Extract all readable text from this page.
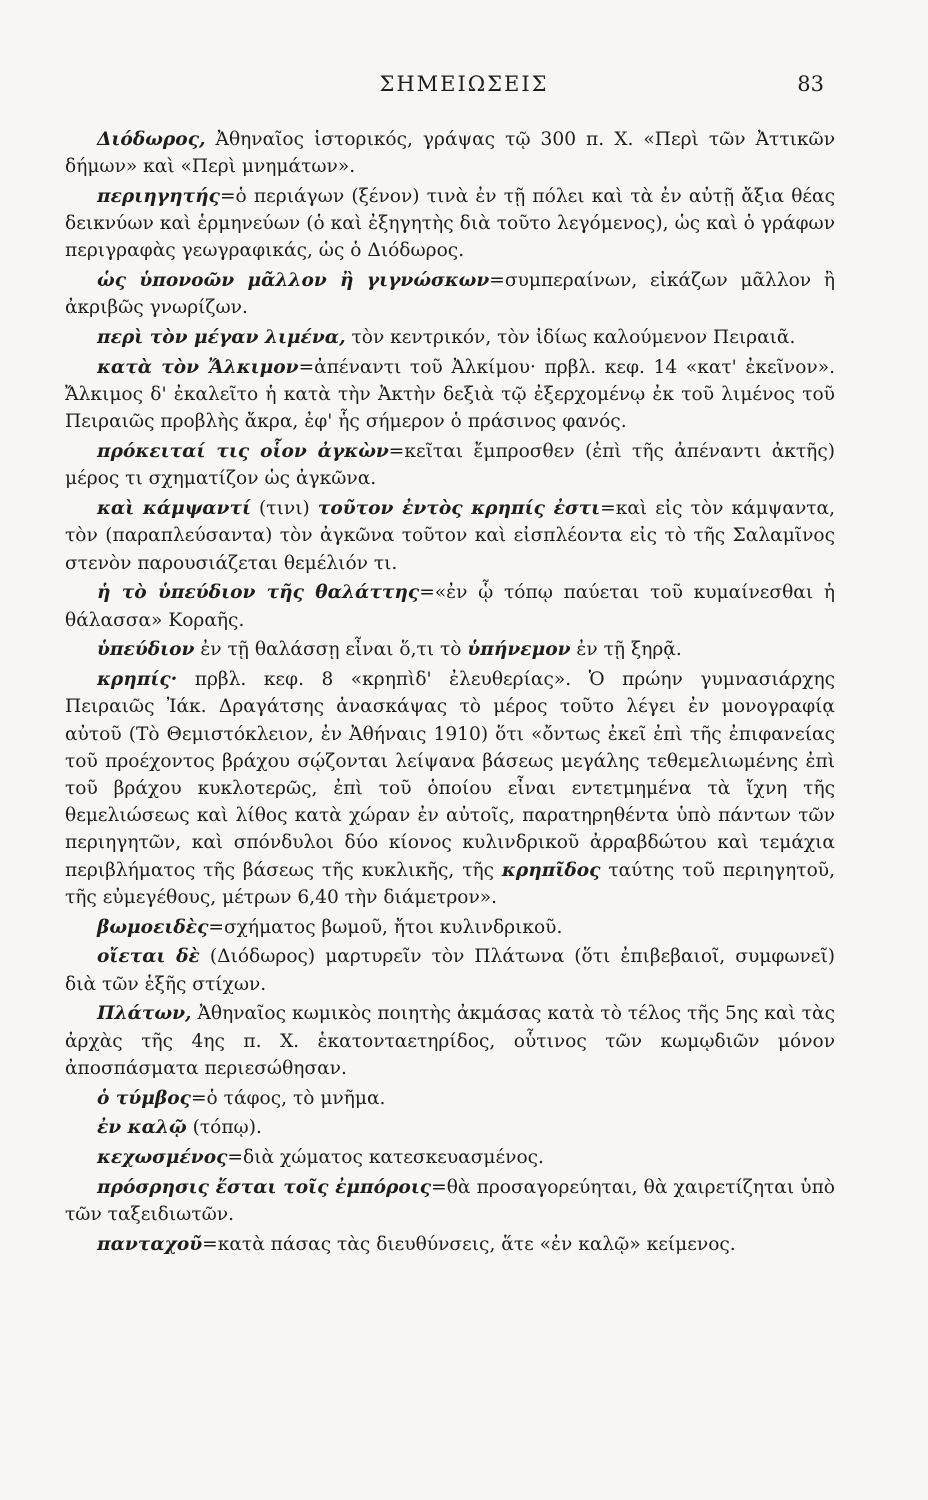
ΣΗΜΕΙΩΣΕΙΣ	83

Διόδωρος, Ἀθηναῖος ἱστορικός, γράψας τῷ 300 π. Χ. «Περὶ τῶν Ἀττικῶν δήμων» καὶ «Περὶ μνημάτων».

περιηγητής=ὁ περιάγων (ξένον) τινὰ ἐν τῇ πόλει καὶ τὰ ἐν αὐτῇ ἄξια θέας δεικνύων καὶ ἑρμηνεύων (ὁ καὶ ἐξηγητὴς διὰ τοῦτο λεγόμενος), ὡς καὶ ὁ γράφων περιγραφὰς γεωγραφικάς, ὡς ὁ Διόδωρος.

ὡς ὑπονοῶν μᾶλλον ἢ γιγνώσκων=συμπεραίνων, εἰκάζων μᾶλλον ἢ ἀκριβῶς γνωρίζων.

περὶ τὸν μέγαν λιμένα, τὸν κεντρικόν, τὸν ἰδίως καλούμενον Πειραιᾶ.

κατὰ τὸν Ἄλκιμον=ἀπέναντι τοῦ Ἀλκίμου· πρβλ. κεφ. 14 «κατ' ἐκεῖνον». Ἄλκιμος δ' ἐκαλεῖτο ἡ κατὰ τὴν Ἀκτὴν δεξιὰ τῷ ἐξερχομένῳ ἐκ τοῦ λιμένος τοῦ Πειραιῶς προβλὴς ἄκρα, ἐφ' ἧς σήμερον ὁ πράσινος φανός.

πρόκειταί τις οἷον ἀγκὼν=κεῖται ἔμπροσθεν (ἐπὶ τῆς ἀπέναντι ἀκτῆς) μέρος τι σχηματίζον ὡς ἀγκῶνα.

καὶ κάμψαντί (τινι) τοῦτον ἐντὸς κρηπίς ἐστι=καὶ εἰς τὸν κάμψαντα, τὸν (παραπλεύσαντα) τὸν ἀγκῶνα τοῦτον καὶ εἰσπλέοντα εἰς τὸ τῆς Σαλαμῖνος στενὸν παρουσιάζεται θεμέλιόν τι.

ἡ τὸ ὑπεύδιον τῆς θαλάττης=«ἐν ᾧ τόπῳ παύεται τοῦ κυμαίνεσθαι ἡ θάλασσα» Κοραῆς.

ὑπεύδιον ἐν τῇ θαλάσσῃ εἶναι ὅ,τι τὸ ὑπήνεμον ἐν τῇ ξηρᾷ.

κρηπίς· πρβλ. κεφ. 8 «κρηπὶδ' ἐλευθερίας». Ὁ πρώην γυμνασιάρχης Πειραιῶς Ἰάκ. Δραγάτσης ἀνασκάψας τὸ μέρος τοῦτο λέγει ἐν μονογραφίᾳ αὐτοῦ (Τὸ Θεμιστόκλειον, ἐν Ἀθήναις 1910) ὅτι «ὄντως ἐκεῖ ἐπὶ τῆς ἐπιφανείας τοῦ προέχοντος βράχου σῴζονται λείψανα βάσεως μεγάλης τεθεμελιωμένης ἐπὶ τοῦ βράχου κυκλοτερῶς, ἐπὶ τοῦ ὁποίου εἶναι εντετμημένα τὰ ἴχνη τῆς θεμελιώσεως καὶ λίθος κατὰ χώραν ἐν αὐτοῖς, παρατηρηθέντα ὑπὸ πάντων τῶν περιηγητῶν, καὶ σπόνδυλοι δύο κίονος κυλινδρικοῦ ἀρραβδώτου καὶ τεμάχια περιβλήματος τῆς βάσεως τῆς κυκλικῆς, τῆς κρηπῖδος ταύτης τοῦ περιηγητοῦ, τῆς εὐμεγέθους, μέτρων 6,40 τὴν διάμετρον».

βωμοειδὲς=σχήματος βωμοῦ, ἤτοι κυλινδρικοῦ.

οἴεται δὲ (Διόδωρος) μαρτυρεῖν τὸν Πλάτωνα (ὅτι ἐπιβεβαιοῖ, συμφωνεῖ) διὰ τῶν ἑξῆς στίχων.

Πλάτων, Ἀθηναῖος κωμικὸς ποιητὴς ἀκμάσας κατὰ τὸ τέλος τῆς 5ης καὶ τὰς ἀρχὰς τῆς 4ης π. Χ. ἑκατονταετηρίδος, οὗτινος τῶν κωμῳδιῶν μόνον ἀποσπάσματα περιεσώθησαν.

ὁ τύμβος=ὁ τάφος, τὸ μνῆμα.

ἐν καλῷ (τόπῳ).

κεχωσμένος=διὰ χώματος κατεσκευασμένος.

πρόσρησις ἔσται τοῖς ἐμπόροις=θὰ προσαγορεύηται, θὰ χαιρετίζηται ὑπὸ τῶν ταξειδιωτῶν.

πανταχοῦ=κατὰ πάσας τὰς διευθύνσεις, ἅτε «ἐν καλῷ» κείμενος.
